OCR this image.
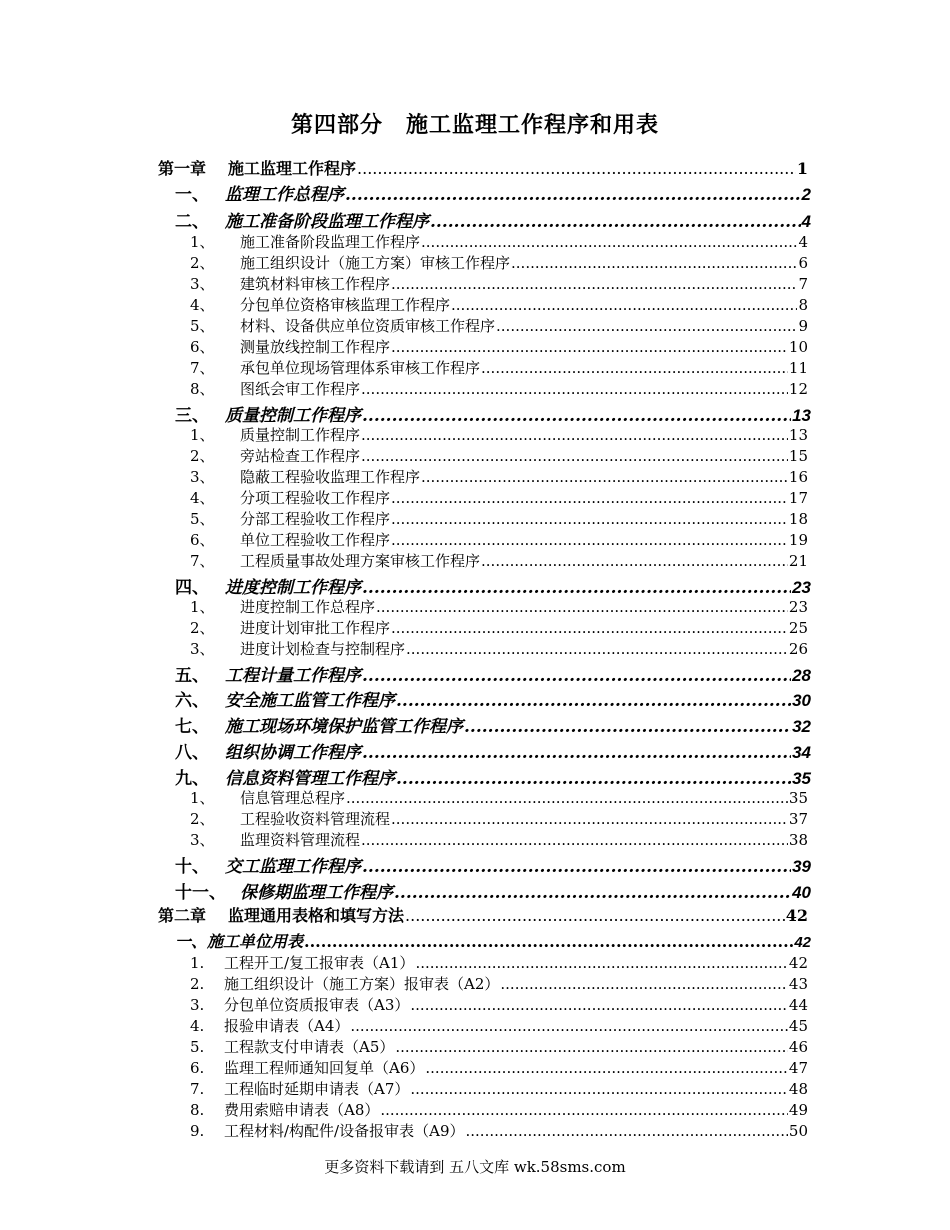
第四部分　施工监理工作程序和用表
第一章	施工监理工作程序 .....	1
一、 监理工作总程序 .....	2
二、 施工准备阶段监理工作程序 .....	4
1、	施工准备阶段监理工作程序 .....	4
2、	施工组织设计（施工方案）审核工作程序 .....	6
3、	建筑材料审核工作程序 .....	7
4、	分包单位资格审核监理工作程序 .....	8
5、	材料、设备供应单位资质审核工作程序 .....	9
6、	测量放线控制工作程序 .....	10
7、	承包单位现场管理体系审核工作程序 .....	11
8、	图纸会审工作程序 .....	12
三、 质量控制工作程序 .....	13
1、	质量控制工作程序 .....	13
2、	旁站检查工作程序 .....	15
3、	隐蔽工程验收监理工作程序 .....	16
4、	分项工程验收工作程序 .....	17
5、	分部工程验收工作程序 .....	18
6、	单位工程验收工作程序 .....	19
7、	工程质量事故处理方案审核工作程序 .....	21
四、 进度控制工作程序 .....	23
1、	进度控制工作总程序 .....	23
2、	进度计划审批工作程序 .....	25
3、	进度计划检查与控制程序 .....	26
五、 工程计量工作程序 .....	28
六、 安全施工监管工作程序 .....	30
七、 施工现场环境保护监管工作程序 .....	32
八、 组织协调工作程序 .....	34
九、 信息资料管理工作程序 .....	35
1、	信息管理总程序 .....	35
2、	工程验收资料管理流程 .....	37
3、	监理资料管理流程 .....	38
十、 交工监理工作程序 .....	39
十一、 保修期监理工作程序 .....	40
第二章	监理通用表格和填写方法 .....	42
一、 施工单位用表 .....	42
1.	工程开工/复工报审表（A1） .....	42
2.	施工组织设计（施工方案）报审表（A2） .....	43
3.	分包单位资质报审表（A3） .....	44
4.	报验申请表（A4） .....	45
5.	工程款支付申请表（A5） .....	46
6.	监理工程师通知回复单（A6） .....	47
7.	工程临时延期申请表（A7） .....	48
8.	费用索赔申请表（A8） .....	49
9.	工程材料/构配件/设备报审表（A9） .....	50
更多资料下载请到 五八文库 wk.58sms.com
